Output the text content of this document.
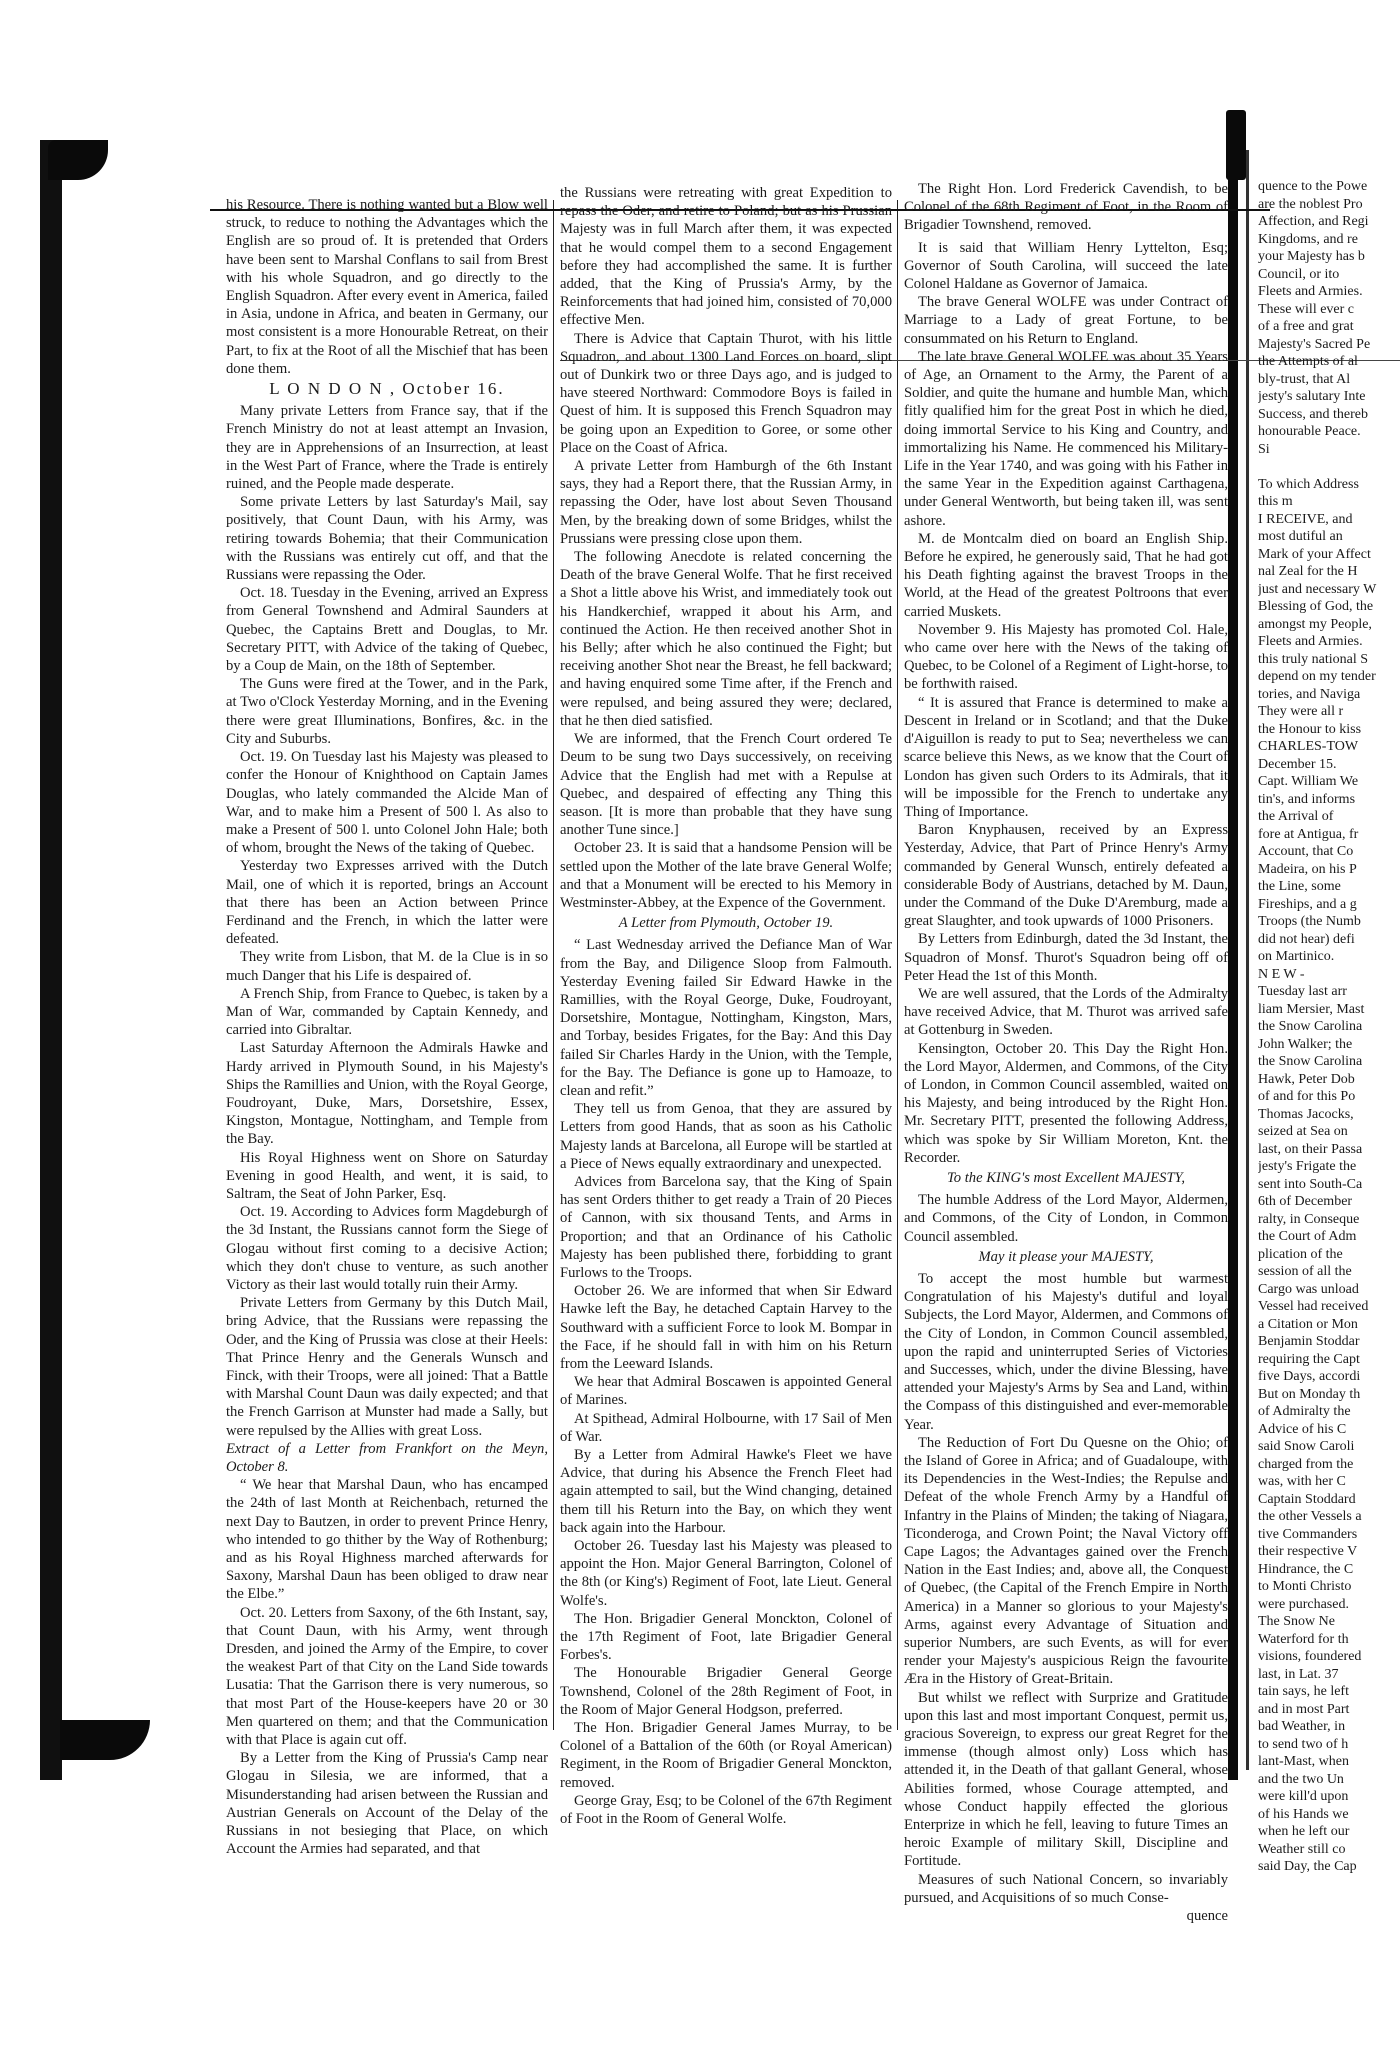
his Resource. There is nothing wanted but a Blow well struck, to reduce to nothing the Advantages which the English are so proud of. It is pretended that Orders have been sent to Marshal Conflans to sail from Brest with his whole Squadron, and go directly to the English Squadron. After every event in America, failed in Asia, undone in Africa, and beaten in Germany, our most consistent is a more Honourable Retreat, on their Part, to fix at the Root of all the Mischief that has been done them.

L O N D O N , October 16.

Many private Letters from France say, that if the French Ministry do not at least attempt an Invasion, they are in Apprehensions of an Insurrection, at least in the West Part of France, where the Trade is entirely ruined, and the People made desperate.

Some private Letters by last Saturday's Mail, say positively, that Count Daun, with his Army, was retiring towards Bohemia; that their Communication with the Russians was entirely cut off, and that the Russians were repassing the Oder.

Oct. 18. Tuesday in the Evening, arrived an Express from General Townshend and Admiral Saunders at Quebec, the Captains Brett and Douglas, to Mr. Secretary PITT, with Advice of the taking of Quebec, by a Coup de Main, on the 18th of September.

The Guns were fired at the Tower, and in the Park, at Two o'Clock Yesterday Morning, and in the Evening there were great Illuminations, Bonfires, &c. in the City and Suburbs.

Oct. 19. On Tuesday last his Majesty was pleased to confer the Honour of Knighthood on Captain James Douglas, who lately commanded the Alcide Man of War, and to make him a Present of 500 l. As also to make a Present of 500 l. unto Colonel John Hale; both of whom, brought the News of the taking of Quebec.

Yesterday two Expresses arrived with the Dutch Mail, one of which it is reported, brings an Account that there has been an Action between Prince Ferdinand and the French, in which the latter were defeated.

They write from Lisbon, that M. de la Clue is in so much Danger that his Life is despaired of.

A French Ship, from France to Quebec, is taken by a Man of War, commanded by Captain Kennedy, and carried into Gibraltar.

Last Saturday Afternoon the Admirals Hawke and Hardy arrived in Plymouth Sound, in his Majesty's Ships the Ramillies and Union, with the Royal George, Foudroyant, Duke, Mars, Dorsetshire, Essex, Kingston, Montague, Nottingham, and Temple from the Bay.

His Royal Highness went on Shore on Saturday Evening in good Health, and went, it is said, to Saltram, the Seat of John Parker, Esq.

Oct. 19. According to Advices form Magdeburgh of the 3d Instant, the Russians cannot form the Siege of Glogau without first coming to a decisive Action; which they don't chuse to venture, as such another Victory as their last would totally ruin their Army.

Private Letters from Germany by this Dutch Mail, bring Advice, that the Russians were repassing the Oder, and the King of Prussia was close at their Heels: That Prince Henry and the Generals Wunsch and Finck, with their Troops, were all joined: That a Battle with Marshal Count Daun was daily expected; and that the French Garrison at Munster had made a Sally, but were repulsed by the Allies with great Loss.

Extract of a Letter from Frankfort on the Meyn, October 8.

“ We hear that Marshal Daun, who has encamped the 24th of last Month at Reichenbach, returned the next Day to Bautzen, in order to prevent Prince Henry, who intended to go thither by the Way of Rothenburg; and as his Royal Highness marched afterwards for Saxony, Marshal Daun has been obliged to draw near the Elbe.”

Oct. 20. Letters from Saxony, of the 6th Instant, say, that Count Daun, with his Army, went through Dresden, and joined the Army of the Empire, to cover the weakest Part of that City on the Land Side towards Lusatia: That the Garrison there is very numerous, so that most Part of the House-keepers have 20 or 30 Men quartered on them; and that the Communication with that Place is again cut off.

By a Letter from the King of Prussia's Camp near Glogau in Silesia, we are informed, that a Misunderstanding had arisen between the Russian and Austrian Generals on Account of the Delay of the Russians in not besieging that Place, on which Account the Armies had separated, and that

the Russians were retreating with great Expedition to repass the Oder, and retire to Poland; but as his Prussian Majesty was in full March after them, it was expected that he would compel them to a second Engagement before they had accomplished the same. It is further added, that the King of Prussia's Army, by the Reinforcements that had joined him, consisted of 70,000 effective Men.

There is Advice that Captain Thurot, with his little Squadron, and about 1300 Land Forces on board, slipt out of Dunkirk two or three Days ago, and is judged to have steered Northward: Commodore Boys is failed in Quest of him. It is supposed this French Squadron may be going upon an Expedition to Goree, or some other Place on the Coast of Africa.

A private Letter from Hamburgh of the 6th Instant says, they had a Report there, that the Russian Army, in repassing the Oder, have lost about Seven Thousand Men, by the breaking down of some Bridges, whilst the Prussians were pressing close upon them.

The following Anecdote is related concerning the Death of the brave General Wolfe. That he first received a Shot a little above his Wrist, and immediately took out his Handkerchief, wrapped it about his Arm, and continued the Action. He then received another Shot in his Belly; after which he also continued the Fight; but receiving another Shot near the Breast, he fell backward; and having enquired some Time after, if the French and were repulsed, and being assured they were; declared, that he then died satisfied.

We are informed, that the French Court ordered Te Deum to be sung two Days successively, on receiving Advice that the English had met with a Repulse at Quebec, and despaired of effecting any Thing this season. [It is more than probable that they have sung another Tune since.]

October 23. It is said that a handsome Pension will be settled upon the Mother of the late brave General Wolfe; and that a Monument will be erected to his Memory in Westminster-Abbey, at the Expence of the Government.

A Letter from Plymouth, October 19.

“ Last Wednesday arrived the Defiance Man of War from the Bay, and Diligence Sloop from Falmouth. Yesterday Evening failed Sir Edward Hawke in the Ramillies, with the Royal George, Duke, Foudroyant, Dorsetshire, Montague, Nottingham, Kingston, Mars, and Torbay, besides Frigates, for the Bay: And this Day failed Sir Charles Hardy in the Union, with the Temple, for the Bay. The Defiance is gone up to Hamoaze, to clean and refit.”

They tell us from Genoa, that they are assured by Letters from good Hands, that as soon as his Catholic Majesty lands at Barcelona, all Europe will be startled at a Piece of News equally extraordinary and unexpected.

Advices from Barcelona say, that the King of Spain has sent Orders thither to get ready a Train of 20 Pieces of Cannon, with six thousand Tents, and Arms in Proportion; and that an Ordinance of his Catholic Majesty has been published there, forbidding to grant Furlows to the Troops.

October 26. We are informed that when Sir Edward Hawke left the Bay, he detached Captain Harvey to the Southward with a sufficient Force to look M. Bompar in the Face, if he should fall in with him on his Return from the Leeward Islands.

We hear that Admiral Boscawen is appointed General of Marines.

At Spithead, Admiral Holbourne, with 17 Sail of Men of War.

By a Letter from Admiral Hawke's Fleet we have Advice, that during his Absence the French Fleet had again attempted to sail, but the Wind changing, detained them till his Return into the Bay, on which they went back again into the Harbour.

October 26. Tuesday last his Majesty was pleased to appoint the Hon. Major General Barrington, Colonel of the 8th (or King's) Regiment of Foot, late Lieut. General Wolfe's.

The Hon. Brigadier General Monckton, Colonel of the 17th Regiment of Foot, late Brigadier General Forbes's.

The Honourable Brigadier General George Townshend, Colonel of the 28th Regiment of Foot, in the Room of Major General Hodgson, preferred.

The Hon. Brigadier General James Murray, to be Colonel of a Battalion of the 60th (or Royal American) Regiment, in the Room of Brigadier General Monckton, removed.

George Gray, Esq; to be Colonel of the 67th Regiment of Foot in the Room of General Wolfe.

The Right Hon. Lord Frederick Cavendish, to be Colonel of the 68th Regiment of Foot, in the Room of Brigadier Townshend, removed.

It is said that William Henry Lyttelton, Esq; Governor of South Carolina, will succeed the late Colonel Haldane as Governor of Jamaica.

The brave General WOLFE was under Contract of Marriage to a Lady of great Fortune, to be consummated on his Return to England.

The late brave General WOLFE was about 35 Years of Age, an Ornament to the Army, the Parent of a Soldier, and quite the humane and humble Man, which fitly qualified him for the great Post in which he died, doing immortal Service to his King and Country, and immortalizing his Name. He commenced his Military-Life in the Year 1740, and was going with his Father in the same Year in the Expedition against Carthagena, under General Wentworth, but being taken ill, was sent ashore.

M. de Montcalm died on board an English Ship. Before he expired, he generously said, That he had got his Death fighting against the bravest Troops in the World, at the Head of the greatest Poltroons that ever carried Muskets.

November 9. His Majesty has promoted Col. Hale, who came over here with the News of the taking of Quebec, to be Colonel of a Regiment of Light-horse, to be forthwith raised.

“ It is assured that France is determined to make a Descent in Ireland or in Scotland; and that the Duke d'Aiguillon is ready to put to Sea; nevertheless we can scarce believe this News, as we know that the Court of London has given such Orders to its Admirals, that it will be impossible for the French to undertake any Thing of Importance.

Baron Knyphausen, received by an Express Yesterday, Advice, that Part of Prince Henry's Army commanded by General Wunsch, entirely defeated a considerable Body of Austrians, detached by M. Daun, under the Command of the Duke D'Aremburg, made a great Slaughter, and took upwards of 1000 Prisoners.

By Letters from Edinburgh, dated the 3d Instant, the Squadron of Monsf. Thurot's Squadron being off of Peter Head the 1st of this Month.

We are well assured, that the Lords of the Admiralty have received Advice, that M. Thurot was arrived safe at Gottenburg in Sweden.

Kensington, October 20. This Day the Right Hon. the Lord Mayor, Aldermen, and Commons, of the City of London, in Common Council assembled, waited on his Majesty, and being introduced by the Right Hon. Mr. Secretary PITT, presented the following Address, which was spoke by Sir William Moreton, Knt. the Recorder.

To the KING's most Excellent MAJESTY,

The humble Address of the Lord Mayor, Aldermen, and Commons, of the City of London, in Common Council assembled.

May it please your MAJESTY,

To accept the most humble but warmest Congratulation of his Majesty's dutiful and loyal Subjects, the Lord Mayor, Aldermen, and Commons of the City of London, in Common Council assembled, upon the rapid and uninterrupted Series of Victories and Successes, which, under the divine Blessing, have attended your Majesty's Arms by Sea and Land, within the Compass of this distinguished and ever-memorable Year.

The Reduction of Fort Du Quesne on the Ohio; of the Island of Goree in Africa; and of Guadaloupe, with its Dependencies in the West-Indies; the Repulse and Defeat of the whole French Army by a Handful of Infantry in the Plains of Minden; the taking of Niagara, Ticonderoga, and Crown Point; the Naval Victory off Cape Lagos; the Advantages gained over the French Nation in the East Indies; and, above all, the Conquest of Quebec, (the Capital of the French Empire in North America) in a Manner so glorious to your Majesty's Arms, against every Advantage of Situation and superior Numbers, are such Events, as will for ever render your Majesty's auspicious Reign the favourite Æra in the History of Great-Britain.

But whilst we reflect with Surprize and Gratitude upon this last and most important Conquest, permit us, gracious Sovereign, to express our great Regret for the immense (though almost only) Loss which has attended it, in the Death of that gallant General, whose Abilities formed, whose Courage attempted, and whose Conduct happily effected the glorious Enterprize in which he fell, leaving to future Times an heroic Example of military Skill, Discipline and Fortitude.

Measures of such National Concern, so invariably pursued, and Acquisitions of so much Conse-

quence

quence to the Powe
are the noblest Pro
Affection, and Regi
Kingdoms, and re
your Majesty has b
Council, or ito
Fleets and Armies.
These will ever c
of a free and grat
Majesty's Sacred Pe
the Attempts of al
bly-trust, that Al
jesty's salutary Inte
Success, and thereb
honourable Peace.
Si

To which Address
this m
I RECEIVE, and
most dutiful an
Mark of your Affect
nal Zeal for the H
just and necessary W
Blessing of God, the
amongst my People,
Fleets and Armies.
this truly national S
depend on my tender
tories, and Naviga
They were all r
the Honour to kiss
CHARLES-TOW
December 15.
Capt. William We
tin's, and informs
the Arrival of
fore at Antigua, fr
Account, that Co
Madeira, on his P
the Line, some
Fireships, and a g
Troops (the Numb
did not hear) defi
on Martinico.
N E W -
Tuesday last arr
liam Mersier, Mast
the Snow Carolina
John Walker; the
the Snow Carolina
Hawk, Peter Dob
of and for this Po
Thomas Jacocks,
seized at Sea on
last, on their Passa
jesty's Frigate the
sent into South-Ca
6th of December
ralty, in Conseque
the Court of Adm
plication of the
session of all the
Cargo was unload
Vessel had received
a Citation or Mon
Benjamin Stoddar
requiring the Capt
five Days, accordi
But on Monday th
of Admiralty the
Advice of his C
said Snow Caroli
charged from the
was, with her C
Captain Stoddard
the other Vessels a
tive Commanders
their respective V
Hindrance, the C
to Monti Christo
were purchased.
The Snow Ne
Waterford for th
visions, foundered
last, in Lat. 37
tain says, he left
and in most Part
bad Weather, in
to send two of h
lant-Mast, when
and the two Un
were kill'd upon
of his Hands we
when he left our
Weather still co
said Day, the Cap
